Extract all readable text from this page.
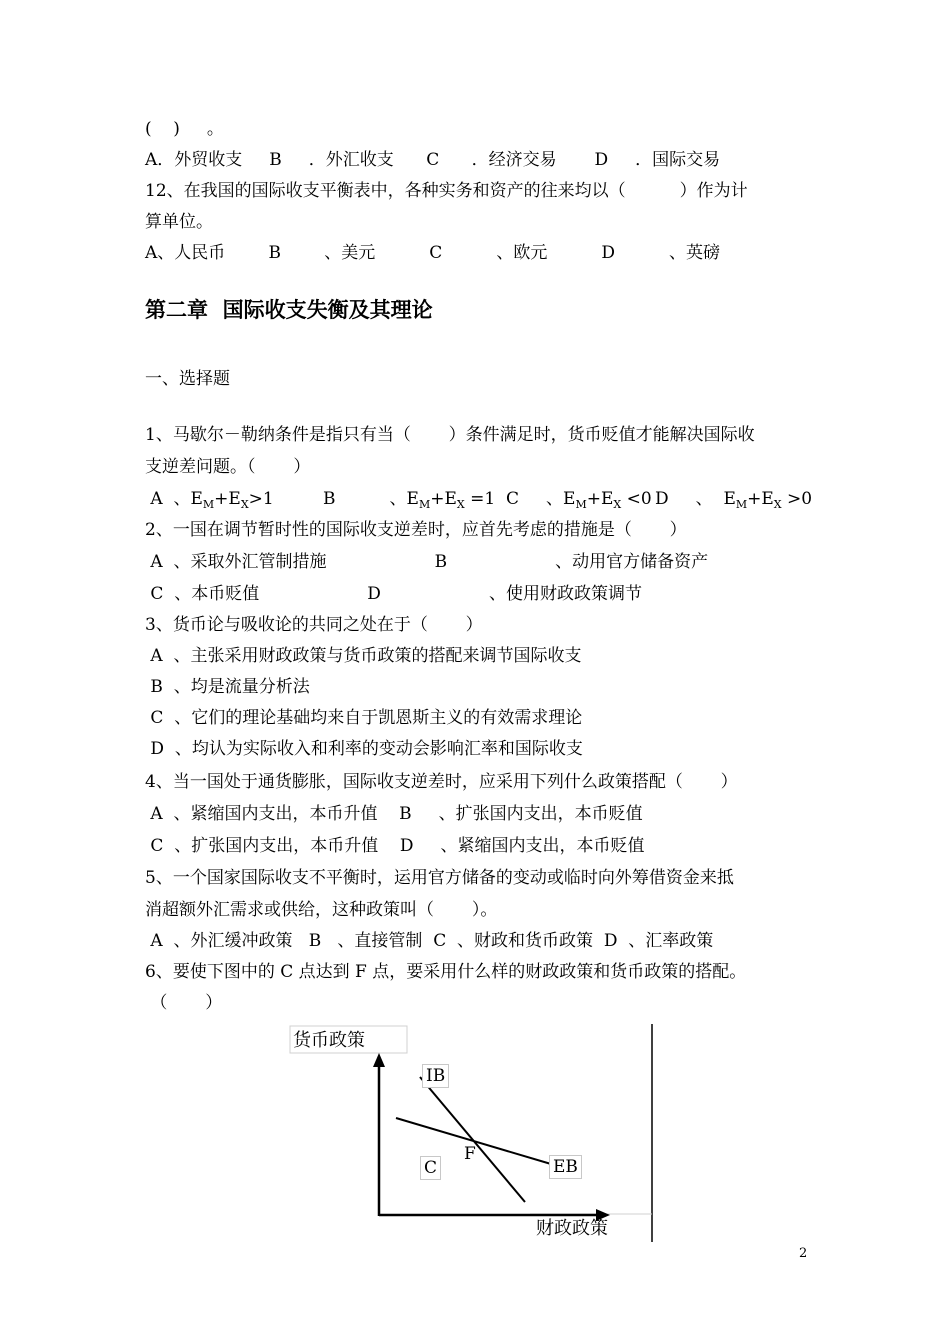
(    )     。
A．外贸收支     B     ．外汇收支      C      ．经济交易       D     ．国际交易
12、在我国的国际收支平衡表中，各种实务和资产的往来均以（          ）作为计
算单位。
A、人民币        B        、美元          C          、欧元          D          、英磅
第二章  国际收支失衡及其理论
一、选择题
1、马歇尔－勒纳条件是指只有当（       ）条件满足时，货币贬值才能解决国际收
支逆差问题。（       ）
A  、$E_M+E_X>1$	B          、$E_M+E_X =1$ C     、$E_M+E_X <0$ D     、  $E_M+E_X >0$
2、一国在调节暂时性的国际收支逆差时，应首先考虑的措施是（       ）
A  、采取外汇管制措施                    B                    、动用官方储备资产
C  、本币贬值                    D                    、使用财政政策调节
3、货币论与吸收论的共同之处在于（       ）
A  、主张采用财政政策与货币政策的搭配来调节国际收支
B  、均是流量分析法
C  、它们的理论基础均来自于凯恩斯主义的有效需求理论
D  、均认为实际收入和利率的变动会影响汇率和国际收支
4、当一国处于通货膨胀，国际收支逆差时，应采用下列什么政策搭配（       ）
A  、紧缩国内支出，本币升值    B     、扩张国内支出，本币贬值
C  、扩张国内支出，本币升值    D     、紧缩国内支出，本币贬值
5、一个国家国际收支不平衡时，运用官方储备的变动或临时向外筹借资金来抵
消超额外汇需求或供给，这种政策叫（       ）。
A  、外汇缓冲政策   B   、直接管制  C  、财政和货币政策  D  、汇率政策
6、要使下图中的 C 点达到 F 点，要采用什么样的财政政策和货币政策的搭配。
（       ）
货币政策
IB
C
F
EB
财政政策
2
